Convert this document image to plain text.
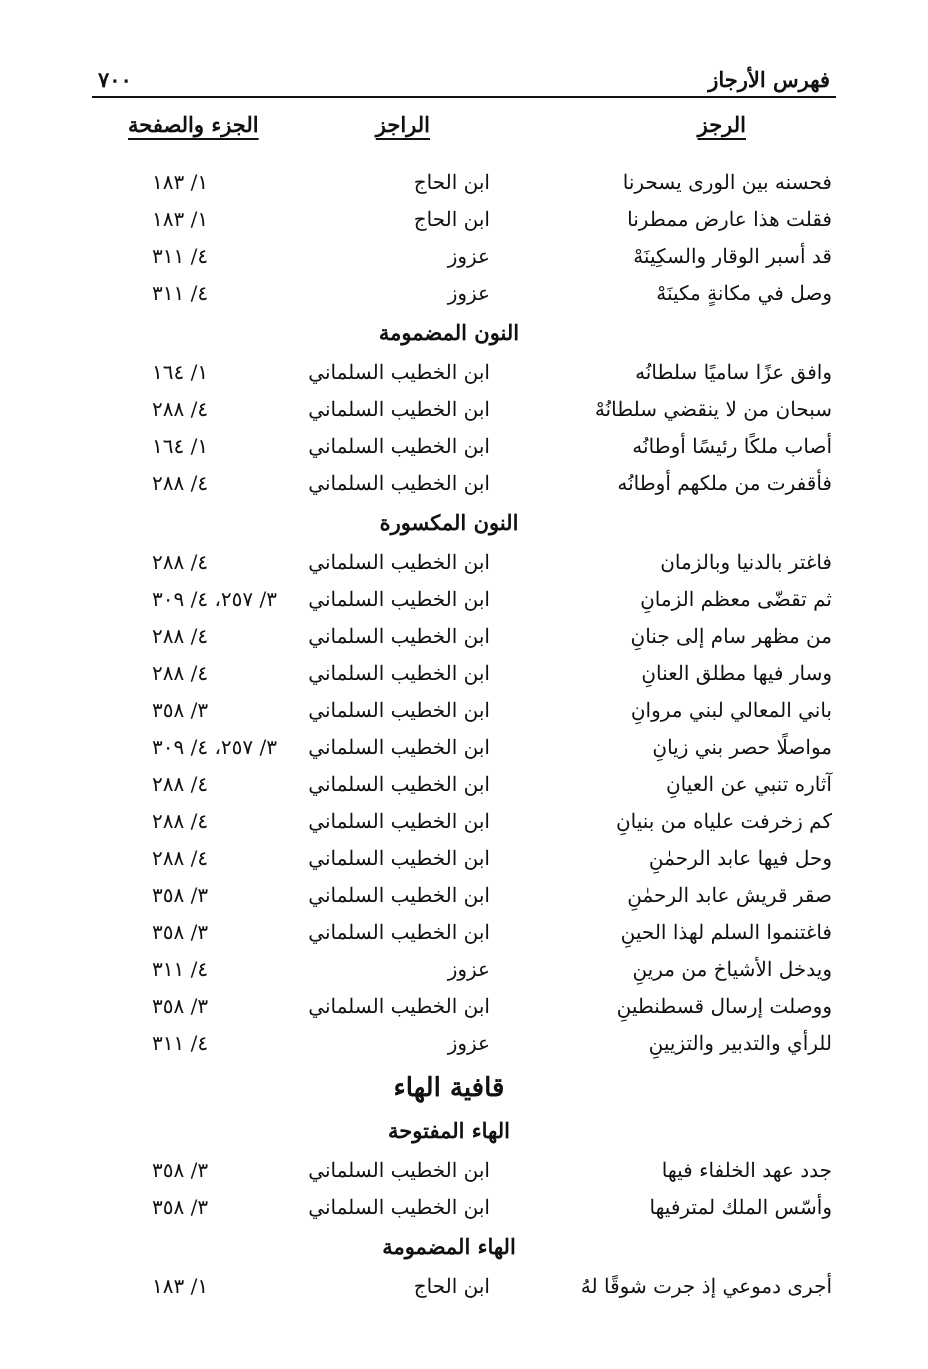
فهرس الأرجاز
٧٠٠
الرجز
الراجز
الجزء والصفحة
فحسنه بين الورى يسحرنا
ابن الحاج
١/ ١٨٣
فقلت هذا عارض ممطرنا
ابن الحاج
١/ ١٨٣
قد أسبر الوقار والسكِينَهْ
عزوز
٤/ ٣١١
وصل في مكانةٍ مكينَهْ
عزوز
٤/ ٣١١
النون المضمومة
وافق عزًا ساميًا سلطانُه
ابن الخطيب السلماني
١/ ١٦٤
سبحان من لا ينقضي سلطانُهْ
ابن الخطيب السلماني
٤/ ٢٨٨
أصاب ملكًا رئيسًا أوطانُه
ابن الخطيب السلماني
١/ ١٦٤
فأقفرت من ملكهم أوطانُه
ابن الخطيب السلماني
٤/ ٢٨٨
النون المكسورة
فاغتر بالدنيا وبالزمان
ابن الخطيب السلماني
٤/ ٢٨٨
ثم تقضّى معظم الزمانِ
ابن الخطيب السلماني
٣/ ٢٥٧، ٤/ ٣٠٩
من مظهر سام إلى جنانِ
ابن الخطيب السلماني
٤/ ٢٨٨
وسار فيها مطلق العنانِ
ابن الخطيب السلماني
٤/ ٢٨٨
باني المعالي لبني مروانِ
ابن الخطيب السلماني
٣/ ٣٥٨
مواصلًا حصر بني زيانِ
ابن الخطيب السلماني
٣/ ٢٥٧، ٤/ ٣٠٩
آثاره تنبي عن العيانِ
ابن الخطيب السلماني
٤/ ٢٨٨
كم زخرفت علياه من بنيانِ
ابن الخطيب السلماني
٤/ ٢٨٨
وحل فيها عابد الرحمٰنِ
ابن الخطيب السلماني
٤/ ٢٨٨
صقر قريش عابد الرحمٰنِ
ابن الخطيب السلماني
٣/ ٣٥٨
فاغتنموا السلم لهذا الحينِ
ابن الخطيب السلماني
٣/ ٣٥٨
ويدخل الأشياخ من مرينِ
عزوز
٤/ ٣١١
ووصلت إرسال قسطنطينِ
ابن الخطيب السلماني
٣/ ٣٥٨
للرأي والتدبير والتزيينِ
عزوز
٤/ ٣١١
قافية الهاء
الهاء المفتوحة
جدد عهد الخلفاء فيها
ابن الخطيب السلماني
٣/ ٣٥٨
وأسّس الملك لمترفيها
ابن الخطيب السلماني
٣/ ٣٥٨
الهاء المضمومة
أجرى دموعي إذ جرت شوقًا لهُ
ابن الحاج
١/ ١٨٣
